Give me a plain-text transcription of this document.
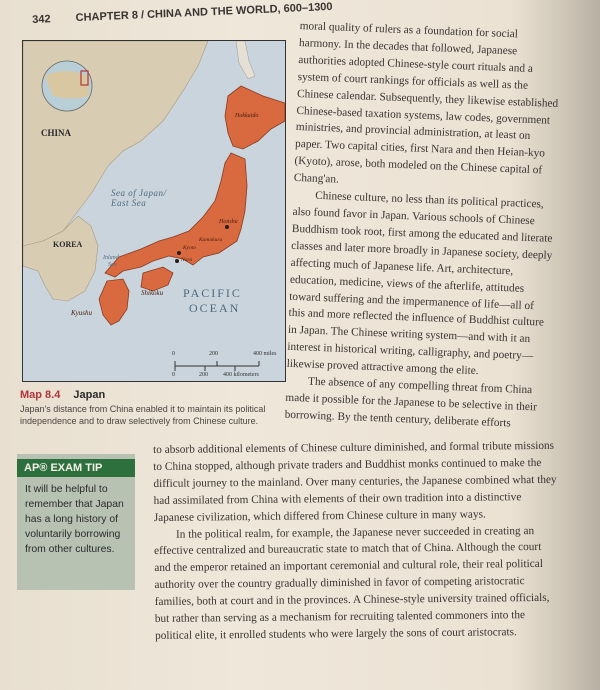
342 CHAPTER 8 / CHINA AND THE WORLD, 600–1300
CHINA
Sea of Japan/
East Sea
KOREA
Inland
Sea
Hokkaido
Honshu
Kamakura
Kyoto
Nara
Shikoku
Kyushu
PACIFIC
OCEAN
0	200	400 miles
0	200	400 kilometers
Map 8.4 Japan
Japan's distance from China enabled it to maintain its political independence and to draw selectively from Chinese culture.

moral quality of rulers as a foundation for social harmony. In the decades that followed, Japanese authorities adopted Chinese-style court rituals and a system of court rankings for officials as well as the Chinese calendar. Subsequently, they likewise established Chinese-based taxation systems, law codes, government ministries, and provincial administration, at least on paper. Two capital cities, first Nara and then Heian-kyo (Kyoto), arose, both modeled on the Chinese capital of Chang'an.

Chinese culture, no less than its political practices, also found favor in Japan. Various schools of Chinese Buddhism took root, first among the educated and literate classes and later more broadly in Japanese society, deeply affecting much of Japanese life. Art, architecture, education, medicine, views of the afterlife, attitudes toward suffering and the impermanence of life—all of this and more reflected the influence of Buddhist culture in Japan. The Chinese writing system—and with it an interest in historical writing, calligraphy, and poetry—likewise proved attractive among the elite.

The absence of any compelling threat from China made it possible for the Japanese to be selective in their borrowing. By the tenth century, deliberate efforts

to absorb additional elements of Chinese culture diminished, and formal tribute missions to China stopped, although private traders and Buddhist monks continued to make the difficult journey to the mainland. Over many centuries, the Japanese combined what they had assimilated from China with elements of their own tradition into a distinctive Japanese civilization, which differed from Chinese culture in many ways.

In the political realm, for example, the Japanese never succeeded in creating an effective centralized and bureaucratic state to match that of China. Although the court and the emperor retained an important ceremonial and cultural role, their real political authority over the country gradually diminished in favor of competing aristocratic families, both at court and in the provinces. A Chinese-style university trained officials, but rather than serving as a mechanism for recruiting talented commoners into the political elite, it enrolled students who were largely the sons of court aristocrats.

AP® EXAM TIP
It will be helpful to remember that Japan has a long history of voluntarily borrowing from other cultures.
